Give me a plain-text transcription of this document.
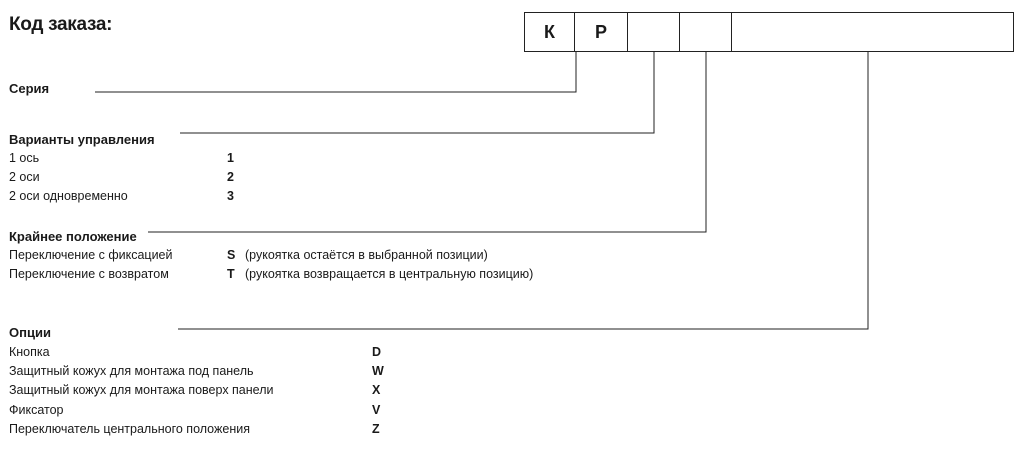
Код заказа:	К	Р
Серия
Варианты управления
1 ось	1
2 оси	2
2 оси одновременно	3
Крайнее положение
Переключение с фиксацией	S (рукоятка остаётся в выбранной позиции)
Переключение с возвратом	T (рукоятка возвращается в центральную позицию)
Опции
Кнопка	D
Защитный кожух для монтажа под панель	W
Защитный кожух для монтажа поверх панели	X
Фиксатор	V
Переключатель центрального положения	Z
